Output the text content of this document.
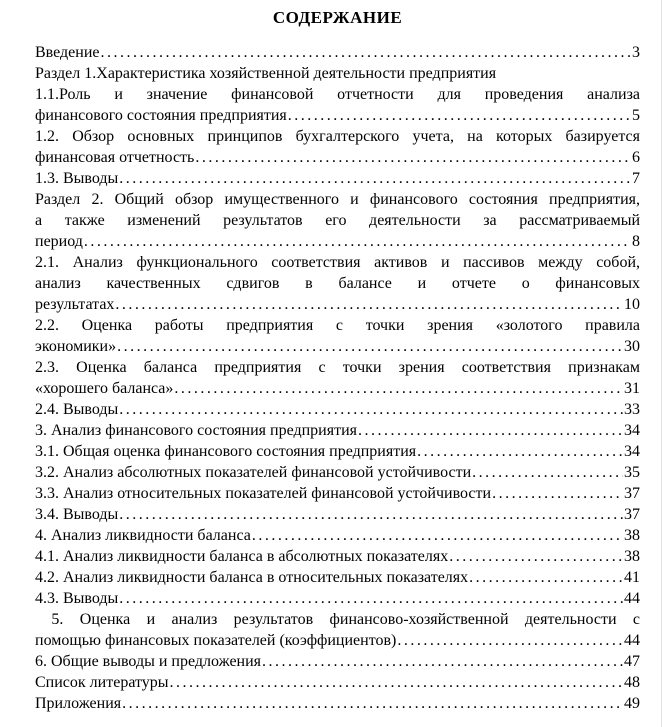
СОДЕРЖАНИЕ
Введение .....	3
Раздел 1.Характеристика хозяйственной деятельности предприятия
1.1.Роль и значение финансовой отчетности для проведения анализа
финансового состояния предприятия .....	5
1.2. Обзор основных принципов бухгалтерского учета, на которых базируется
финансовая отчетность .....	6
1.3. Выводы .....	7
Раздел 2. Общий обзор имущественного и финансового состояния предприятия,
а также изменений результатов его деятельности за рассматриваемый
период .....	8
2.1. Анализ функционального соответствия активов и пассивов между собой,
анализ качественных сдвигов в балансе и отчете о финансовых
результатах .....	10
2.2. Оценка работы предприятия с точки зрения «золотого правила
экономики» .....	30
2.3. Оценка баланса предприятия с точки зрения соответствия признакам
«хорошего баланса» .....	31
2.4. Выводы .....	33
3. Анализ финансового состояния предприятия .....	34
3.1. Общая оценка финансового состояния предприятия .....	34
3.2. Анализ абсолютных показателей финансовой устойчивости .....	35
3.3. Анализ относительных показателей финансовой устойчивости .....	37
3.4. Выводы .....	37
4. Анализ ликвидности баланса .....	38
4.1. Анализ ликвидности баланса в абсолютных показателях .....	38
4.2. Анализ ликвидности баланса в относительных показателях .....	41
4.3. Выводы .....	44
5. Оценка и анализ результатов финансово-хозяйственной деятельности с
помощью финансовых показателей (коэффициентов) .....	44
6. Общие выводы и предложения .....	47
Список литературы .....	48
Приложения .....	49
